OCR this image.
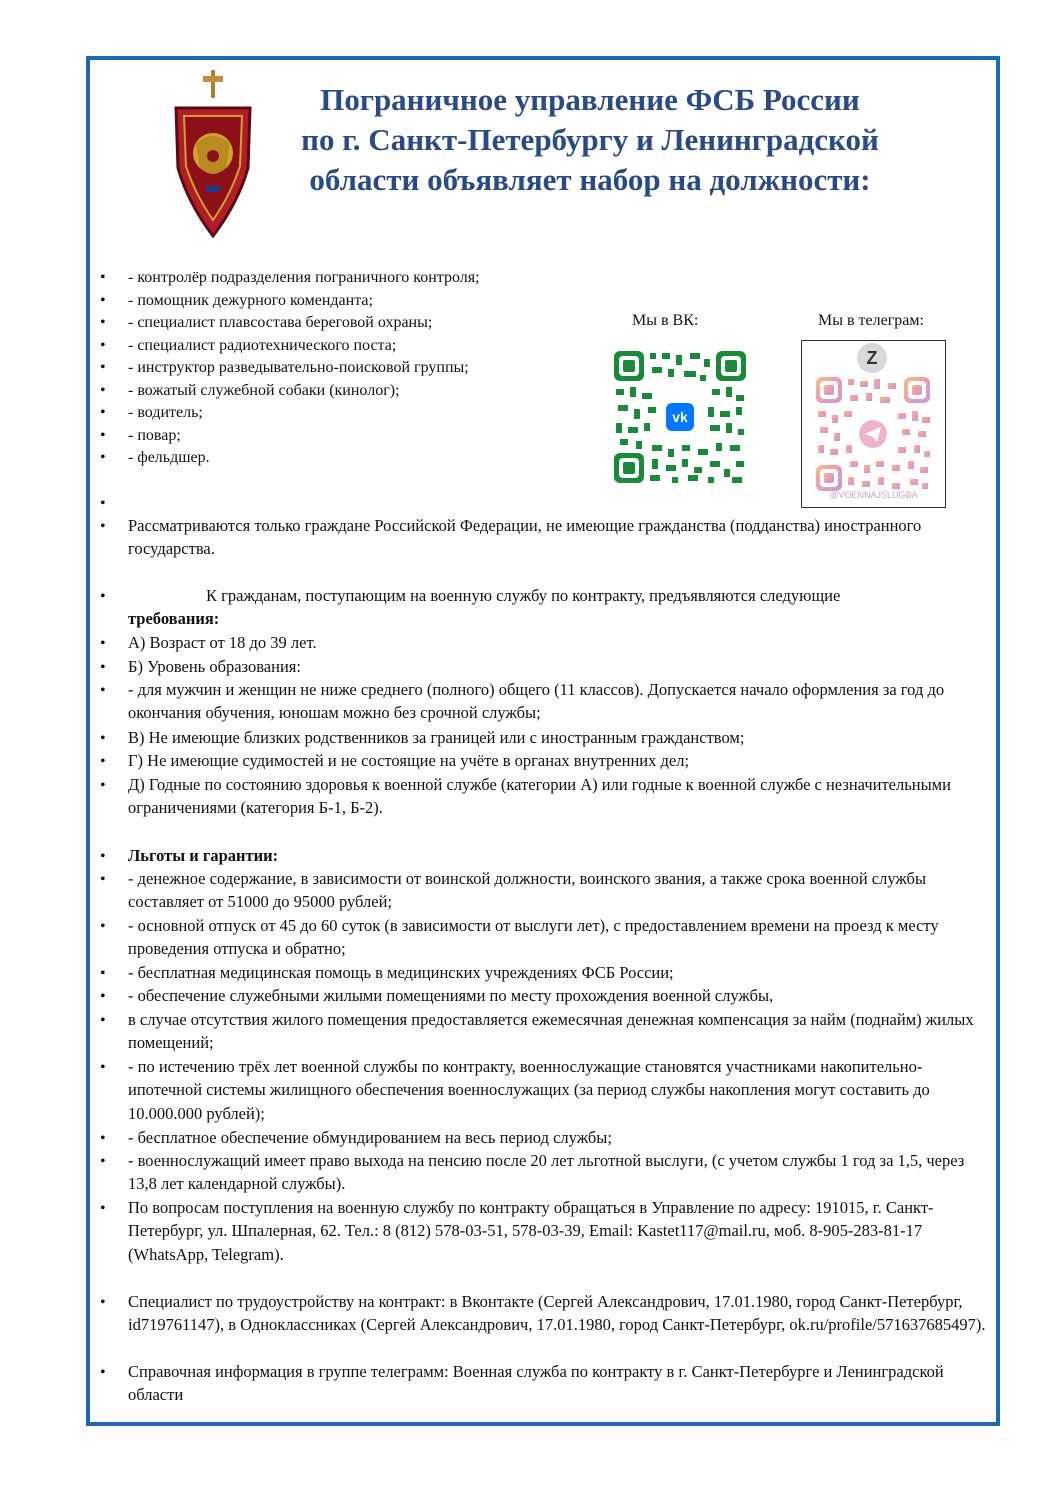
Пограничное управление ФСБ России
по г. Санкт-Петербургу и Ленинградской
области объявляет набор на должности:
•
•
•
•
•
•
•
•
•
- контролёр подразделения пограничного контроля;
- помощник дежурного коменданта;
- специалист плавсостава береговой охраны;
- специалист радиотехнического поста;
- инструктор разведывательно-поисковой группы;
- вожатый служебной собаки (кинолог);
- водитель;
- повар;
- фельдшер.
Мы в ВК:	Мы в телеграм:
vk
Z
@VOENNAJSLUGBA
•
• Рассматриваются только граждане Российской Федерации, не имеющие гражданства (подданства) иностранного государства.
•	К гражданам, поступающим на военную службу по контракту, предъявляются следующие
требования:
• А) Возраст от 18 до 39 лет.
• Б) Уровень образования:
• - для мужчин и женщин не ниже среднего (полного) общего (11 классов). Допускается начало оформления за год до окончания обучения, юношам можно без срочной службы;
• В) Не имеющие близких родственников за границей или с иностранным гражданством;
• Г) Не имеющие судимостей и не состоящие на учёте в органах внутренних дел;
• Д) Годные по состоянию здоровья к военной службе (категории А) или годные к военной службе с незначительными ограничениями (категория Б-1, Б-2).
• Льготы и гарантии:
• - денежное содержание, в зависимости от воинской должности, воинского звания, а также срока военной службы составляет от 51000 до 95000 рублей;
• - основной отпуск от 45 до 60 суток (в зависимости от выслуги лет), с предоставлением времени на проезд к месту проведения отпуска и обратно;
• - бесплатная медицинская помощь в медицинских учреждениях ФСБ России;
• - обеспечение служебными жилыми помещениями по месту прохождения военной службы,
• в случае отсутствия жилого помещения предоставляется ежемесячная денежная компенсация за найм (поднайм) жилых помещений;
• - по истечению трёх лет военной службы по контракту, военнослужащие становятся участниками накопительно-ипотечной системы жилищного обеспечения военнослужащих (за период службы накопления могут составить до 10.000.000 рублей);
• - бесплатное обеспечение обмундированием на весь период службы;
• - военнослужащий имеет право выхода на пенсию после 20 лет льготной выслуги, (с учетом службы 1 год за 1,5, через 13,8 лет календарной службы).
• По вопросам поступления на военную службу по контракту обращаться в Управление по адресу: 191015, г. Санкт-Петербург, ул. Шпалерная, 62. Тел.: 8 (812) 578-03-51, 578-03-39, Email: Kastet117@mail.ru, моб. 8-905-283-81-17 (WhatsApp, Telegram).
• Специалист по трудоустройству на контракт: в Вконтакте (Сергей Александрович, 17.01.1980, город Санкт-Петербург, id719761147), в Одноклассниках (Сергей Александрович, 17.01.1980, город Санкт-Петербург, ok.ru/profile/571637685497).
• Справочная информация в группе телеграмм: Военная служба по контракту в г. Санкт-Петербурге и Ленинградской области
